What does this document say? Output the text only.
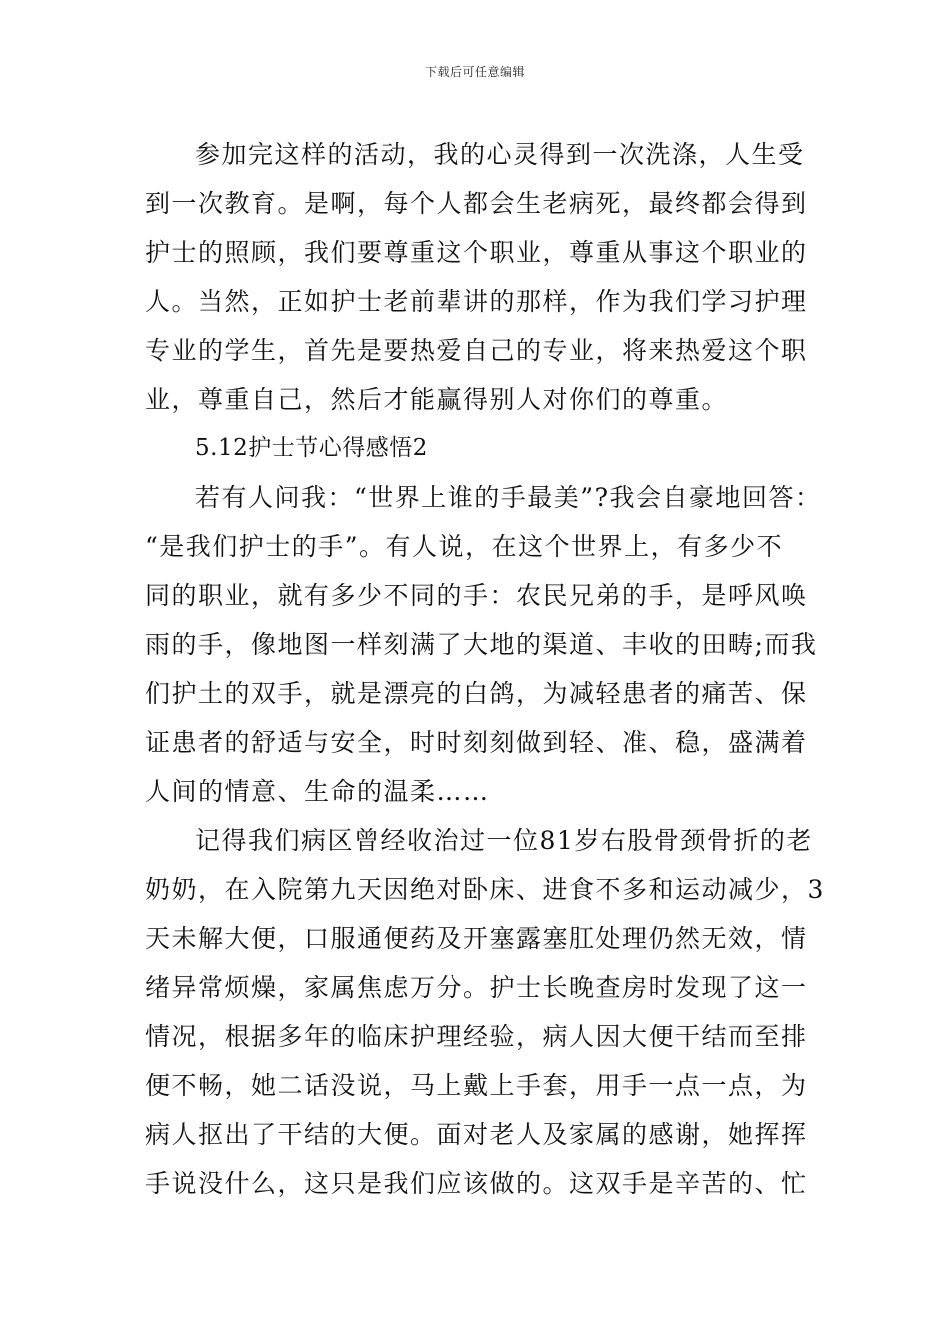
下载后可任意编辑
参加完这样的活动，我的心灵得到一次洗涤，人生受
到一次教育。是啊，每个人都会生老病死，最终都会得到
护士的照顾，我们要尊重这个职业，尊重从事这个职业的
人。当然，正如护士老前辈讲的那样，作为我们学习护理
专业的学生，首先是要热爱自己的专业，将来热爱这个职
业，尊重自己，然后才能赢得别人对你们的尊重。
5.12护士节心得感悟2
若有人问我：“世界上谁的手最美”?我会自豪地回答：
“是我们护士的手”。有人说，在这个世界上，有多少不
同的职业，就有多少不同的手：农民兄弟的手，是呼风唤
雨的手，像地图一样刻满了大地的渠道、丰收的田畴;而我
们护土的双手，就是漂亮的白鸽，为减轻患者的痛苦、保
证患者的舒适与安全，时时刻刻做到轻、准、稳，盛满着
人间的情意、生命的温柔……
记得我们病区曾经收治过一位81岁右股骨颈骨折的老
奶奶，在入院第九天因绝对卧床、进食不多和运动减少，3
天未解大便，口服通便药及开塞露塞肛处理仍然无效，情
绪异常烦燥，家属焦虑万分。护士长晚查房时发现了这一
情况，根据多年的临床护理经验，病人因大便干结而至排
便不畅，她二话没说，马上戴上手套，用手一点一点，为
病人抠出了干结的大便。面对老人及家属的感谢，她挥挥
手说没什么，这只是我们应该做的。这双手是辛苦的、忙
